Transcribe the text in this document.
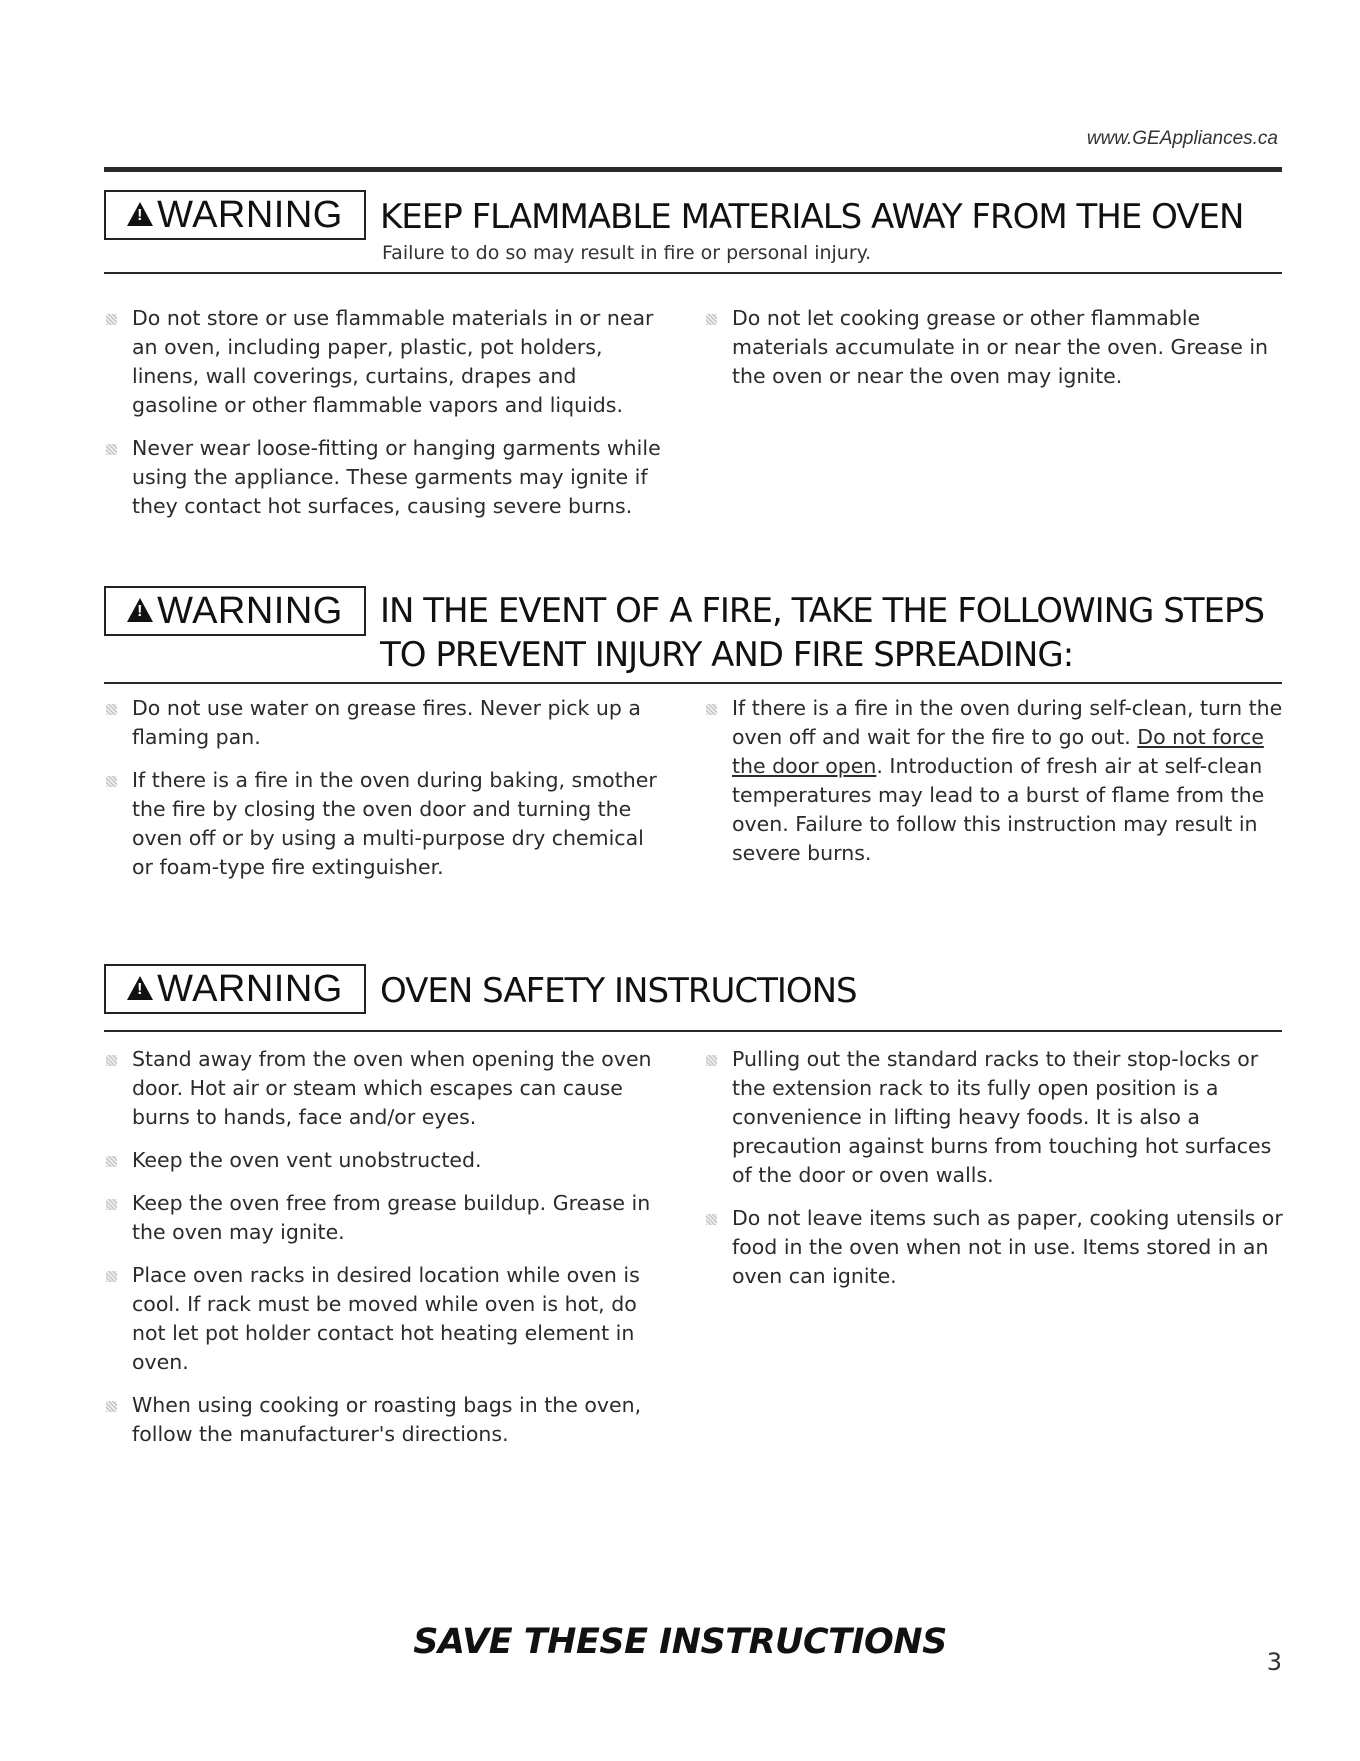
www.GEAppliances.ca
!
WARNING KEEP FLAMMABLE MATERIALS AWAY FROM THE OVEN
Failure to do so may result in fire or personal injury.
Do not store or use flammable materials in or near an oven, including paper, plastic, pot holders, linens, wall coverings, curtains, drapes and gasoline or other flammable vapors and liquids.
Never wear loose-fitting or hanging garments while using the appliance. These garments may ignite if they contact hot surfaces, causing severe burns.
Do not let cooking grease or other flammable materials accumulate in or near the oven. Grease in the oven or near the oven may ignite.
!
WARNING IN THE EVENT OF A FIRE, TAKE THE FOLLOWING STEPS
TO PREVENT INJURY AND FIRE SPREADING:
Do not use water on grease fires. Never pick up a flaming pan.
If there is a fire in the oven during baking, smother the fire by closing the oven door and turning the oven off or by using a multi-purpose dry chemical or foam-type fire extinguisher.
If there is a fire in the oven during self-clean, turn the oven off and wait for the fire to go out. Do not force the door open. Introduction of fresh air at self-clean temperatures may lead to a burst of flame from the oven. Failure to follow this instruction may result in severe burns.
!
WARNING OVEN SAFETY INSTRUCTIONS
Stand away from the oven when opening the oven door. Hot air or steam which escapes can cause burns to hands, face and/or eyes.
Keep the oven vent unobstructed.
Keep the oven free from grease buildup. Grease in the oven may ignite.
Place oven racks in desired location while oven is cool. If rack must be moved while oven is hot, do not let pot holder contact hot heating element in oven.
When using cooking or roasting bags in the oven, follow the manufacturer's directions.
Pulling out the standard racks to their stop-locks or the extension rack to its fully open position is a convenience in lifting heavy foods. It is also a precaution against burns from touching hot surfaces of the door or oven walls.
Do not leave items such as paper, cooking utensils or food in the oven when not in use. Items stored in an oven can ignite.
SAVE THESE INSTRUCTIONS	3
